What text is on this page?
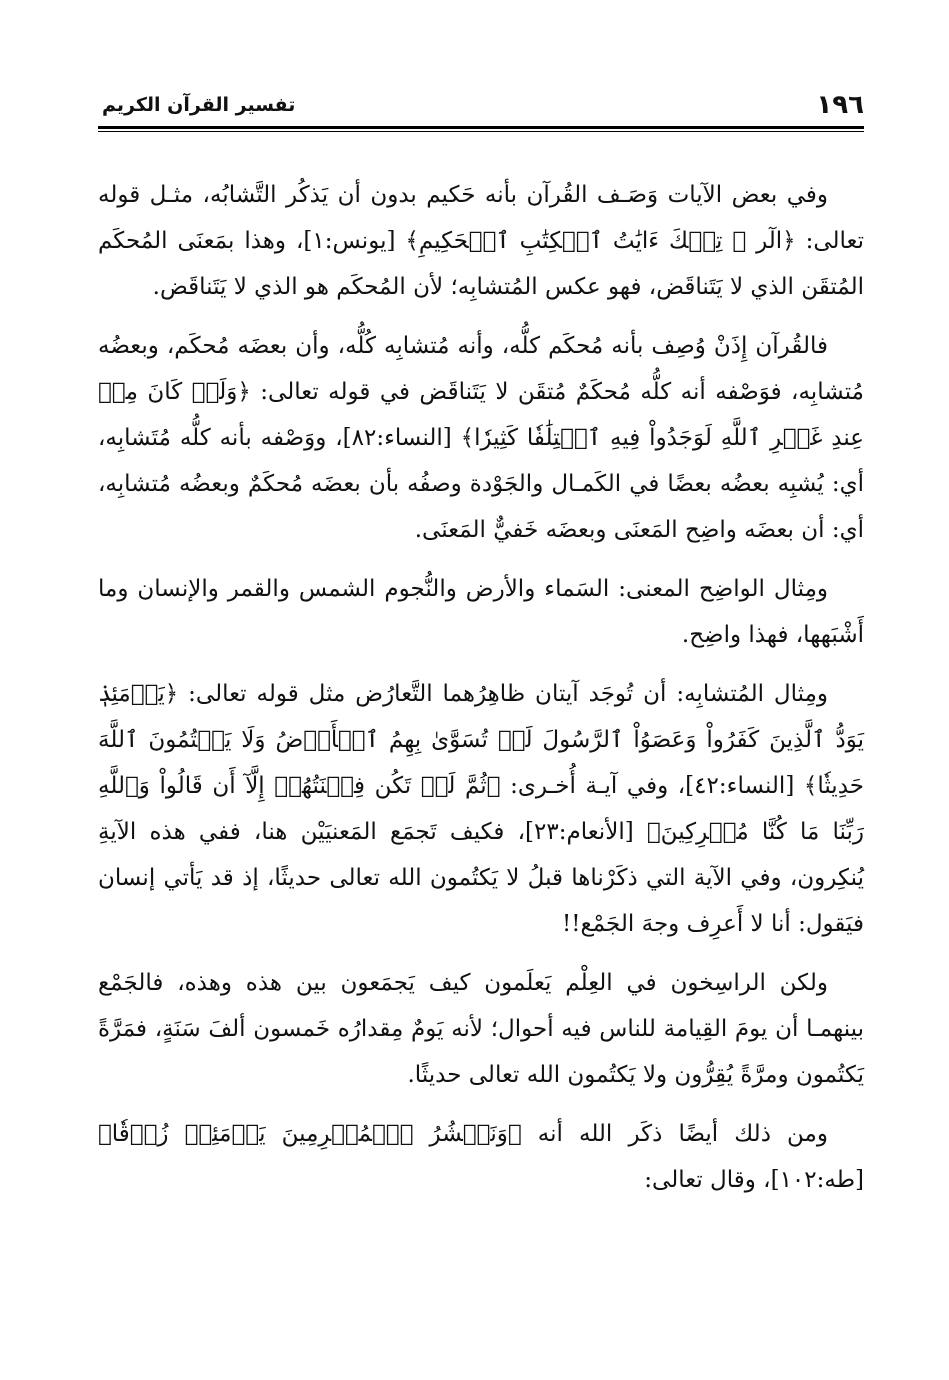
١٩٦
تفسير القرآن الكريم

وفي بعض الآيات وَصَـف القُرآن بأنه حَكيم بدون أن يَذكُر التَّشابُه، مثـل قوله تعالى: ﴿الٓر ۚ تِلۡكَ ءَايَٰتُ ٱلۡكِتَٰبِ ٱلۡحَكِيمِ﴾ [يونس:١]، وهذا بمَعنَى المُحكَم المُتقَن الذي لا يَتَناقَض، فهو عكس المُتشابِه؛ لأن المُحكَم هو الذي لا يَتَناقَض.

فالقُرآن إِذَنْ وُصِف بأنه مُحكَم كلُّه، وأنه مُتشابِه كُلُّه، وأن بعضَه مُحكَم، وبعضُه مُتشابِه، فوَصْفه أنه كلُّه مُحكَمٌ مُتقَن لا يَتَناقَض في قوله تعالى: ﴿وَلَوۡ كَانَ مِنۡ عِندِ غَيۡرِ ٱللَّهِ لَوَجَدُواْ فِيهِ ٱخۡتِلَٰفٗا كَثِيرٗا﴾ [النساء:٨٢]، ووَصْفه بأنه كلُّه مُتَشابِه، أي: يُشبِه بعضُه بعضًا في الكَمـال والجَوْدة وصفُه بأن بعضَه مُحكَمٌ وبعضُه مُتشابِه، أي: أن بعضَه واضِح المَعنَى وبعضَه خَفيٌّ المَعنَى.

ومِثال الواضِح المعنى: السَماء والأرض والنُّجوم الشمس والقمر والإنسان وما أَشْبَهها، فهذا واضِح.

ومِثال المُتشابِه: أن تُوجَد آيتان ظاهِرُهما التَّعارُض مثل قوله تعالى: ﴿يَوۡمَئِذٖ يَوَدُّ ٱلَّذِينَ كَفَرُواْ وَعَصَوُاْ ٱلرَّسُولَ لَوۡ تُسَوَّىٰ بِهِمُ ٱلۡأَرۡضُ وَلَا يَكۡتُمُونَ ٱللَّهَ حَدِيثٗا﴾ [النساء:٤٢]، وفي آيـة أُخـرى: ﴿ثُمَّ لَمۡ تَكُن فِتۡنَتُهُمۡ إِلَّآ أَن قَالُواْ وَٱللَّهِ رَبِّنَا مَا كُنَّا مُشۡرِكِينَ﴾ [الأنعام:٢٣]، فكيف تَجمَع المَعنيَيْن هنا، ففي هذه الآيةِ يُنكِرون، وفي الآية التي ذكَرْناها قبلُ لا يَكتُمون الله تعالى حديثًا، إذ قد يَأتي إنسان فيَقول: أنا لا أَعرِف وجهَ الجَمْع!!

ولكن الراسِخون في العِلْم يَعلَمون كيف يَجمَعون بين هذه وهذه، فالجَمْع بينهمـا أن يومَ القِيامة للناس فيه أحوال؛ لأنه يَومٌ مِقدارُه خَمسون ألفَ سَنَةٍ، فمَرَّةً يَكتُمون ومرَّةً يُقِرُّون ولا يَكتُمون الله تعالى حديثًا.

ومن ذلك أيضًا ذكَر الله أنه ﴿وَنَحۡشُرُ ٱلۡمُجۡرِمِينَ يَوۡمَئِذٖ زُرۡقٗا﴾ [طه:١٠٢]، وقال تعالى:
